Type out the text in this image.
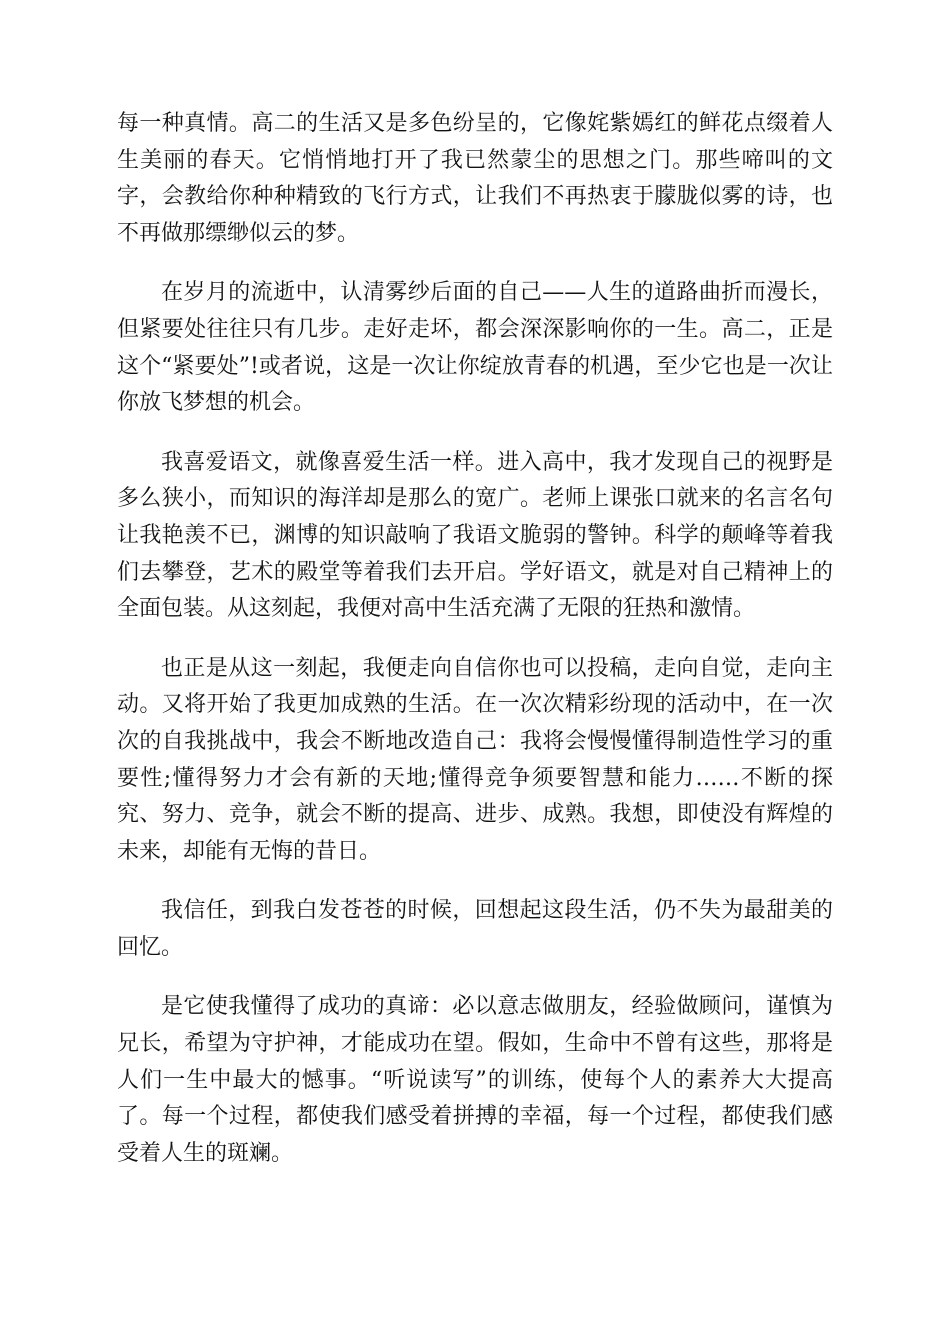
每一种真情。高二的生活又是多色纷呈的，它像姹紫嫣红的鲜花点缀着人生美丽的春天。它悄悄地打开了我已然蒙尘的思想之门。那些啼叫的文字，会教给你种种精致的飞行方式，让我们不再热衷于朦胧似雾的诗，也不再做那缥缈似云的梦。

在岁月的流逝中，认清雾纱后面的自己——人生的道路曲折而漫长，但紧要处往往只有几步。走好走坏，都会深深影响你的一生。高二，正是这个“紧要处”!或者说，这是一次让你绽放青春的机遇，至少它也是一次让你放飞梦想的机会。

我喜爱语文，就像喜爱生活一样。进入高中，我才发现自己的视野是多么狭小，而知识的海洋却是那么的宽广。老师上课张口就来的名言名句让我艳羡不已，渊博的知识敲响了我语文脆弱的警钟。科学的颠峰等着我们去攀登，艺术的殿堂等着我们去开启。学好语文，就是对自己精神上的全面包装。从这刻起，我便对高中生活充满了无限的狂热和激情。

也正是从这一刻起，我便走向自信你也可以投稿，走向自觉，走向主动。又将开始了我更加成熟的生活。在一次次精彩纷现的活动中，在一次次的自我挑战中，我会不断地改造自己：我将会慢慢懂得制造性学习的重要性;懂得努力才会有新的天地;懂得竞争须要智慧和能力……不断的探究、努力、竞争，就会不断的提高、进步、成熟。我想，即使没有辉煌的未来，却能有无悔的昔日。

我信任，到我白发苍苍的时候，回想起这段生活，仍不失为最甜美的回忆。

是它使我懂得了成功的真谛：必以意志做朋友，经验做顾问，谨慎为兄长，希望为守护神，才能成功在望。假如，生命中不曾有这些，那将是人们一生中最大的憾事。“听说读写”的训练，使每个人的素养大大提高了。每一个过程，都使我们感受着拼搏的幸福，每一个过程，都使我们感受着人生的斑斓。
